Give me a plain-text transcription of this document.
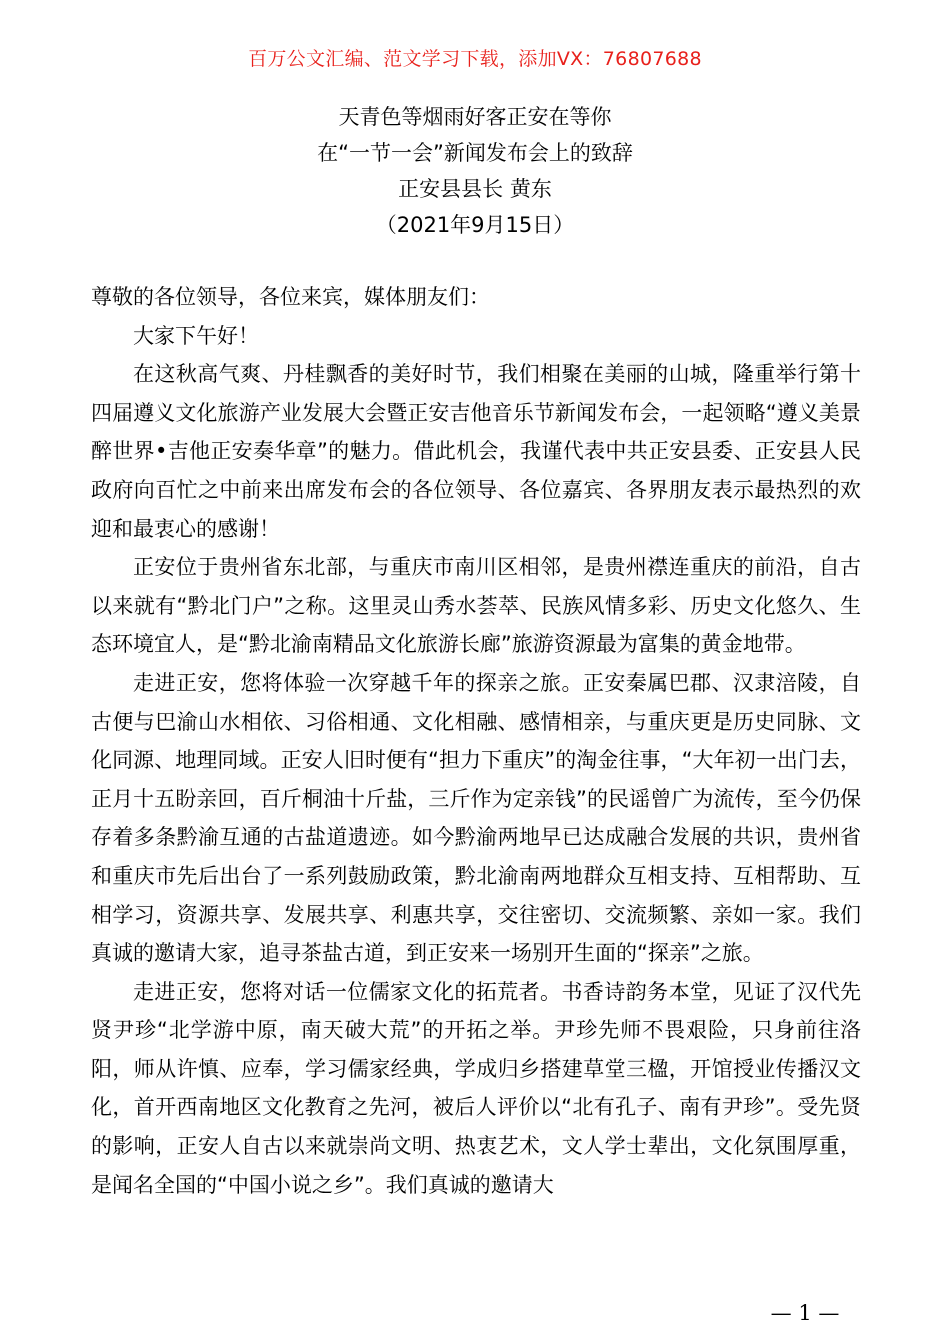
百万公文汇编、范文学习下载，添加VX：76807688
天青色等烟雨好客正安在等你
在“一节一会”新闻发布会上的致辞
正安县县长 黄东
（2021年9月15日）

尊敬的各位领导，各位来宾，媒体朋友们：

大家下午好！

在这秋高气爽、丹桂飘香的美好时节，我们相聚在美丽的山城，隆重举行第十四届遵义文化旅游产业发展大会暨正安吉他音乐节新闻发布会，一起领略“遵义美景醉世界•吉他正安奏华章”的魅力。借此机会，我谨代表中共正安县委、正安县人民政府向百忙之中前来出席发布会的各位领导、各位嘉宾、各界朋友表示最热烈的欢迎和最衷心的感谢！

正安位于贵州省东北部，与重庆市南川区相邻，是贵州襟连重庆的前沿，自古以来就有“黔北门户”之称。这里灵山秀水荟萃、民族风情多彩、历史文化悠久、生态环境宜人，是“黔北渝南精品文化旅游长廊”旅游资源最为富集的黄金地带。

走进正安，您将体验一次穿越千年的探亲之旅。正安秦属巴郡、汉隶涪陵，自古便与巴渝山水相依、习俗相通、文化相融、感情相亲，与重庆更是历史同脉、文化同源、地理同域。正安人旧时便有“担力下重庆”的淘金往事，“大年初一出门去，正月十五盼亲回，百斤桐油十斤盐，三斤作为定亲钱”的民谣曾广为流传，至今仍保存着多条黔渝互通的古盐道遗迹。如今黔渝两地早已达成融合发展的共识，贵州省和重庆市先后出台了一系列鼓励政策，黔北渝南两地群众互相支持、互相帮助、互相学习，资源共享、发展共享、利惠共享，交往密切、交流频繁、亲如一家。我们真诚的邀请大家，追寻茶盐古道，到正安来一场别开生面的“探亲”之旅。

走进正安，您将对话一位儒家文化的拓荒者。书香诗韵务本堂，见证了汉代先贤尹珍“北学游中原，南天破大荒”的开拓之举。尹珍先师不畏艰险，只身前往洛阳，师从许慎、应奉，学习儒家经典，学成归乡搭建草堂三楹，开馆授业传播汉文化，首开西南地区文化教育之先河，被后人评价以“北有孔子、南有尹珍”。受先贤的影响，正安人自古以来就崇尚文明、热衷艺术，文人学士辈出，文化氛围厚重，是闻名全国的“中国小说之乡”。我们真诚的邀请大

— 1 —
